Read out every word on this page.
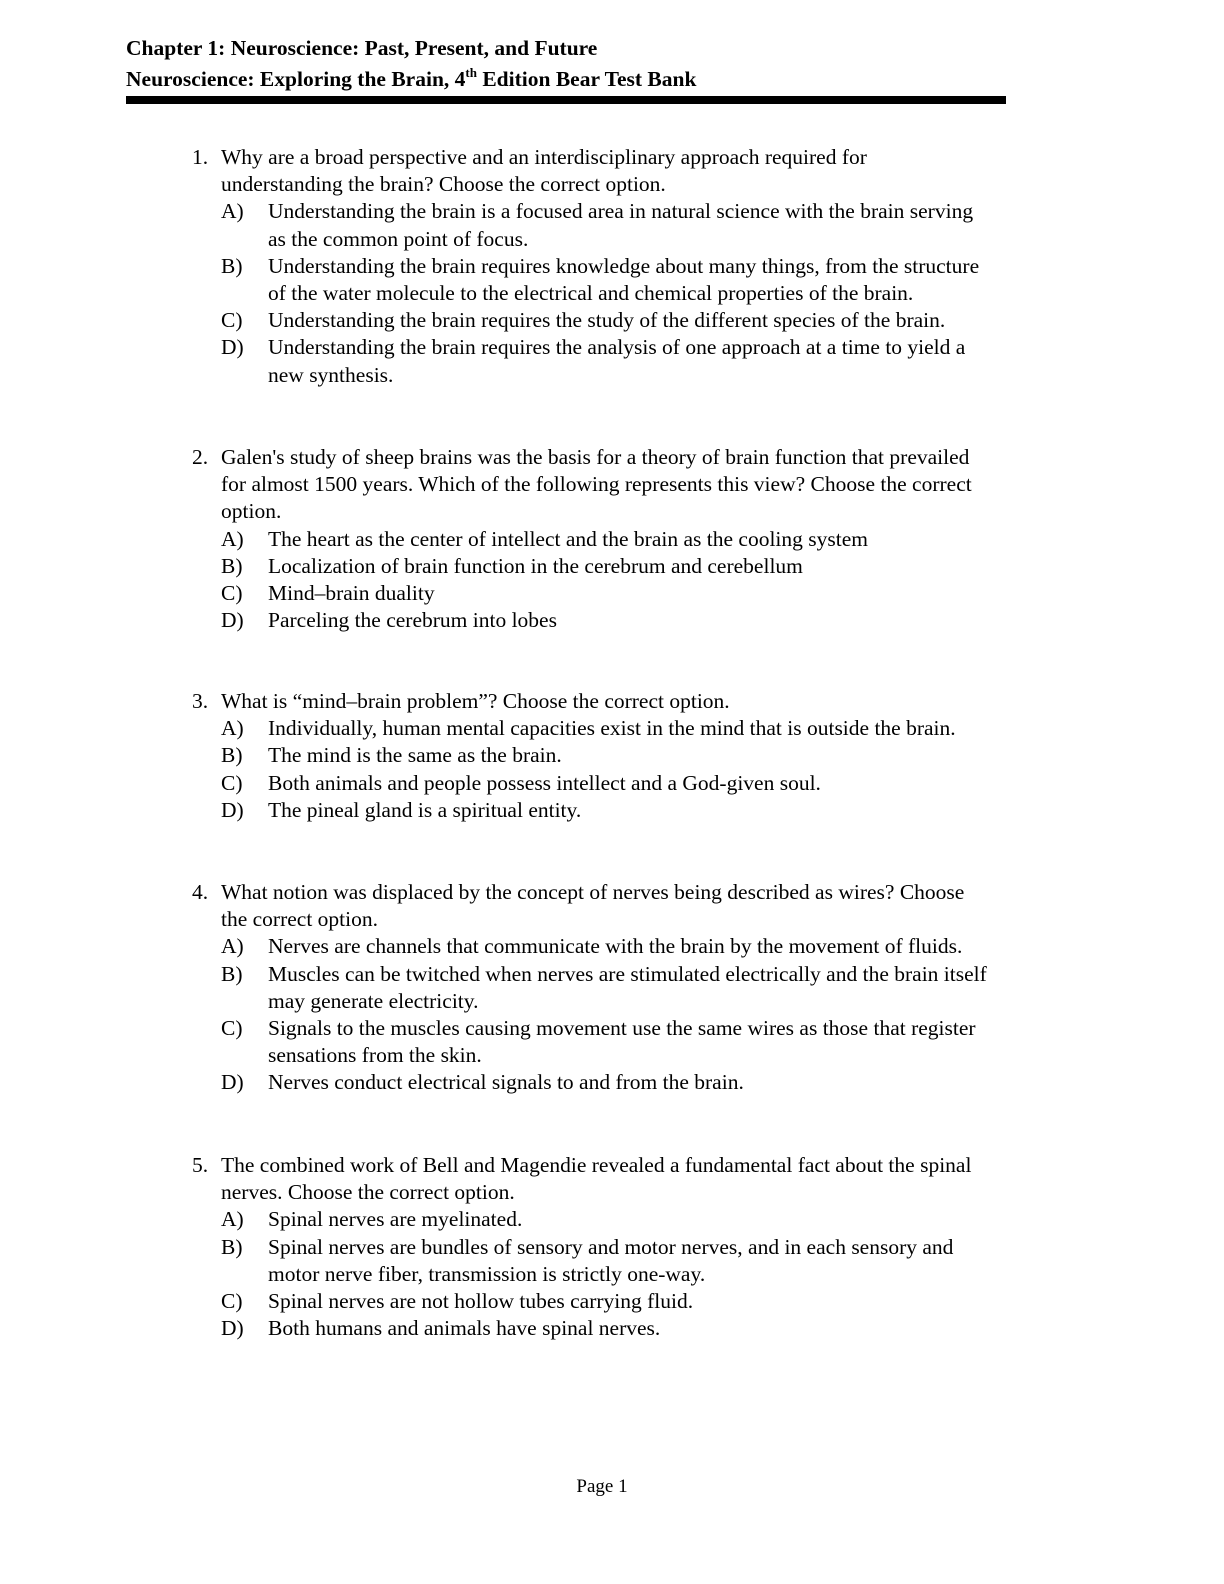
Chapter 1: Neuroscience: Past, Present, and Future
Neuroscience: Exploring the Brain, 4th Edition Bear Test Bank
1. Why are a broad perspective and an interdisciplinary approach required for
understanding the brain? Choose the correct option.
A) Understanding the brain is a focused area in natural science with the brain serving
as the common point of focus.
B) Understanding the brain requires knowledge about many things, from the structure
of the water molecule to the electrical and chemical properties of the brain.
C) Understanding the brain requires the study of the different species of the brain.
D) Understanding the brain requires the analysis of one approach at a time to yield a
new synthesis.
2. Galen's study of sheep brains was the basis for a theory of brain function that prevailed
for almost 1500 years. Which of the following represents this view? Choose the correct
option.
A) The heart as the center of intellect and the brain as the cooling system
B) Localization of brain function in the cerebrum and cerebellum
C) Mind–brain duality
D) Parceling the cerebrum into lobes
3. What is “mind–brain problem”? Choose the correct option.
A) Individually, human mental capacities exist in the mind that is outside the brain.
B) The mind is the same as the brain.
C) Both animals and people possess intellect and a God-given soul.
D) The pineal gland is a spiritual entity.
4. What notion was displaced by the concept of nerves being described as wires? Choose
the correct option.
A) Nerves are channels that communicate with the brain by the movement of fluids.
B) Muscles can be twitched when nerves are stimulated electrically and the brain itself
may generate electricity.
C) Signals to the muscles causing movement use the same wires as those that register
sensations from the skin.
D) Nerves conduct electrical signals to and from the brain.
5. The combined work of Bell and Magendie revealed a fundamental fact about the spinal
nerves. Choose the correct option.
A) Spinal nerves are myelinated.
B) Spinal nerves are bundles of sensory and motor nerves, and in each sensory and
motor nerve fiber, transmission is strictly one-way.
C) Spinal nerves are not hollow tubes carrying fluid.
D) Both humans and animals have spinal nerves.
Page 1
